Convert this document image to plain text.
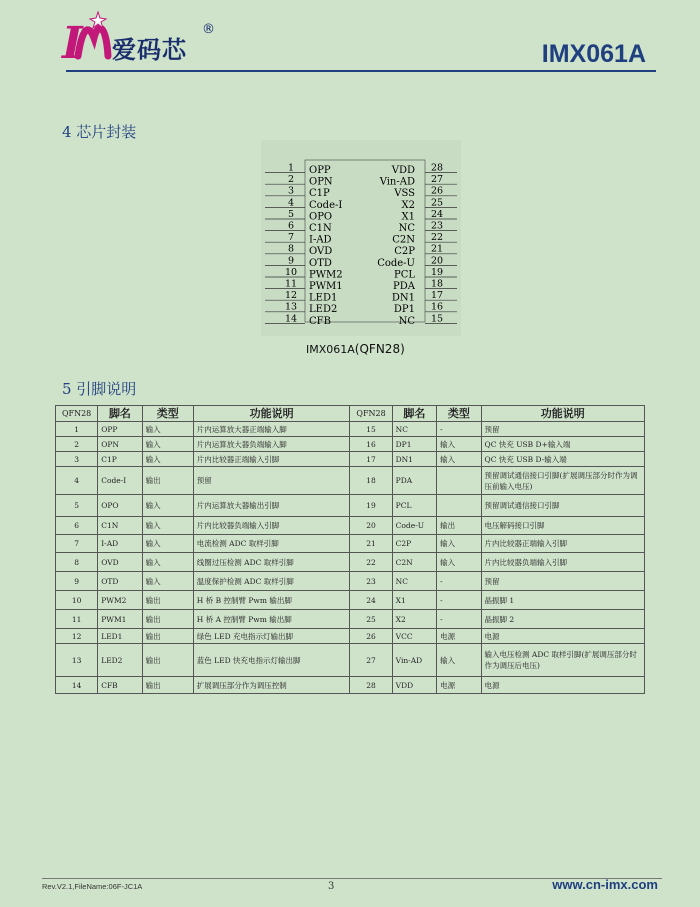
I 爱码芯
®
IMX061A
4 芯片封装
1 OPP
2 OPN
3 C1P
4 Code-I
5 OPO
6 C1N
7 I-AD
8 OVD
9 OTD
10 PWM2
11 PWM1
12 LED1
13 LED2
14 CFB
28
VDD
27
Vin-AD
26
VSS
25
X2
24
X1
23
NC
22
C2N
21
C2P
20
Code-U
19
PCL
18
PDA
17
DN1
16
DP1
15
NC
IMX061A(QFN28)
5 引脚说明
QFN28	脚名	类型	功能说明	QFN28	脚名	类型	功能说明
1	OPP	输入	片内运算放大器正端输入脚	15	NC	-	预留
2	OPN	输入	片内运算放大器负端输入脚	16	DP1	输入	QC 快充 USB D+输入端
3	C1P	输入	片内比较器正端输入引脚	17	DN1	输入	QC 快充 USB D-输入端
4	Code-I	输出	预留	18	PDA		预留调试通信接口引脚(扩展调压部分时作为调压前输入电压)
5	OPO	输入	片内运算放大器输出引脚	19	PCL		预留调试通信接口引脚
6	C1N	输入	片内比较器负端输入引脚	20	Code-U	输出	电压解码接口引脚
7	I-AD	输入	电流检测 ADC 取样引脚	21	C2P	输入	片内比较器正端输入引脚
8	OVD	输入	线圈过压检测 ADC 取样引脚	22	C2N	输入	片内比较器负端输入引脚
9	OTD	输入	温度保护检测 ADC 取样引脚	23	NC	-	预留
10	PWM2	输出	H 桥 B 控制臂 Pwm 输出脚	24	X1	-	晶振脚 1
11	PWM1	输出	H 桥 A 控制臂 Pwm 输出脚	25	X2	-	晶振脚 2
12	LED1	输出	绿色 LED 充电指示灯输出脚	26	VCC	电源	电源
13	LED2	输出	蓝色 LED 快充电指示灯输出脚	27	Vin-AD	输入	输入电压检测 ADC 取样引脚(扩展调压部分时作为调压后电压)
14	CFB	输出	扩展调压部分作为调压控制	28	VDD	电源	电源
Rev.V2.1,FileName:06F-JC1A	3	www.cn-imx.com
